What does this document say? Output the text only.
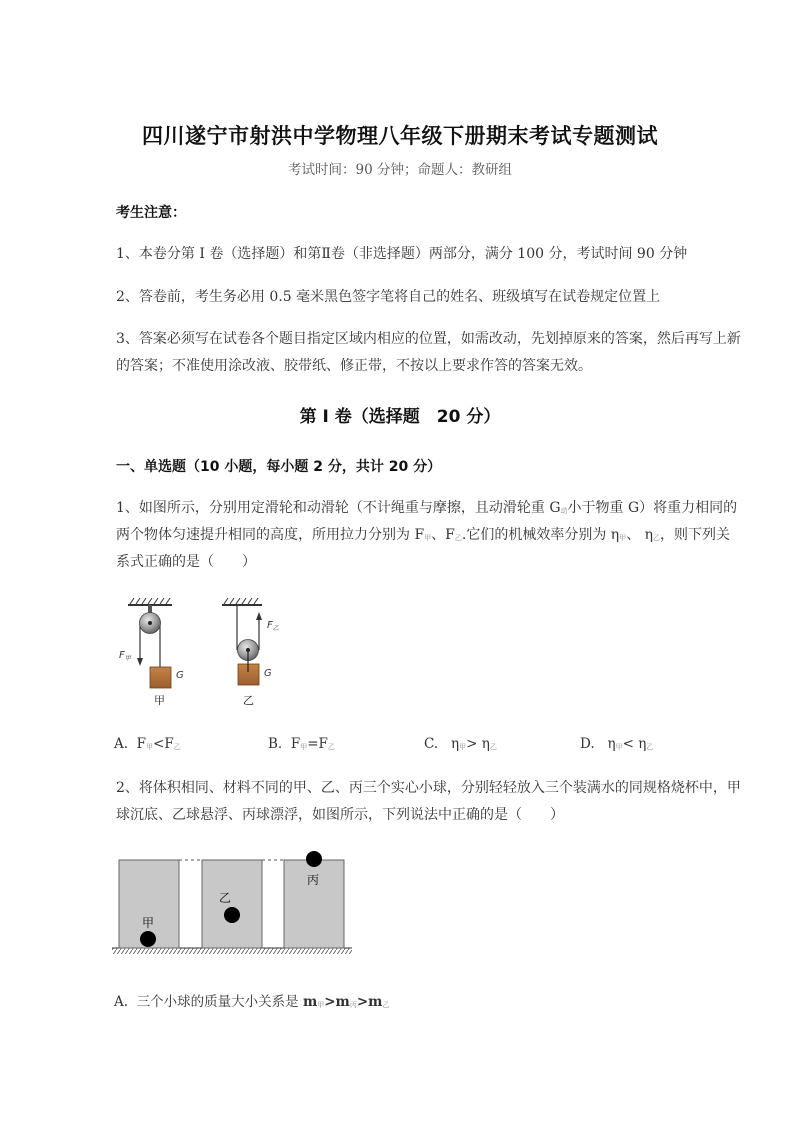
四川遂宁市射洪中学物理八年级下册期末考试专题测试
考试时间：90 分钟；命题人：教研组
考生注意：
1、本卷分第 I 卷（选择题）和第Ⅱ卷（非选择题）两部分，满分 100 分，考试时间 90 分钟
2、答卷前，考生务必用 0.5 毫米黑色签字笔将自己的姓名、班级填写在试卷规定位置上
3、答案必须写在试卷各个题目指定区域内相应的位置，如需改动，先划掉原来的答案，然后再写上新
的答案；不准使用涂改液、胶带纸、修正带，不按以上要求作答的答案无效。
第 I 卷（选择题　20 分）
一、单选题（10 小题，每小题 2 分，共计 20 分）
1、如图所示，分别用定滑轮和动滑轮（不计绳重与摩擦，且动滑轮重 $G_动$小于物重 G）将重力相同的
两个物体匀速提升相同的高度，所用拉力分别为 $F_甲$、$F_乙$.它们的机械效率分别为 $\eta_甲$、 $\eta_乙$，则下列关
系式正确的是（　　）
$F_甲$
G
甲
$F_乙$
G
乙
A. $F_甲<F_乙$	B. $F_甲=F_乙$	C. $\eta_甲> \eta_乙$	D. $\eta_甲< \eta_乙$
2、将体积相同、材料不同的甲、乙、丙三个实心小球，分别轻轻放入三个装满水的同规格烧杯中，甲
球沉底、乙球悬浮、丙球漂浮，如图所示，下列说法中正确的是（　　）
甲
乙
丙
A. 三个小球的质量大小关系是 $m_甲>m_丙>m_乙$
